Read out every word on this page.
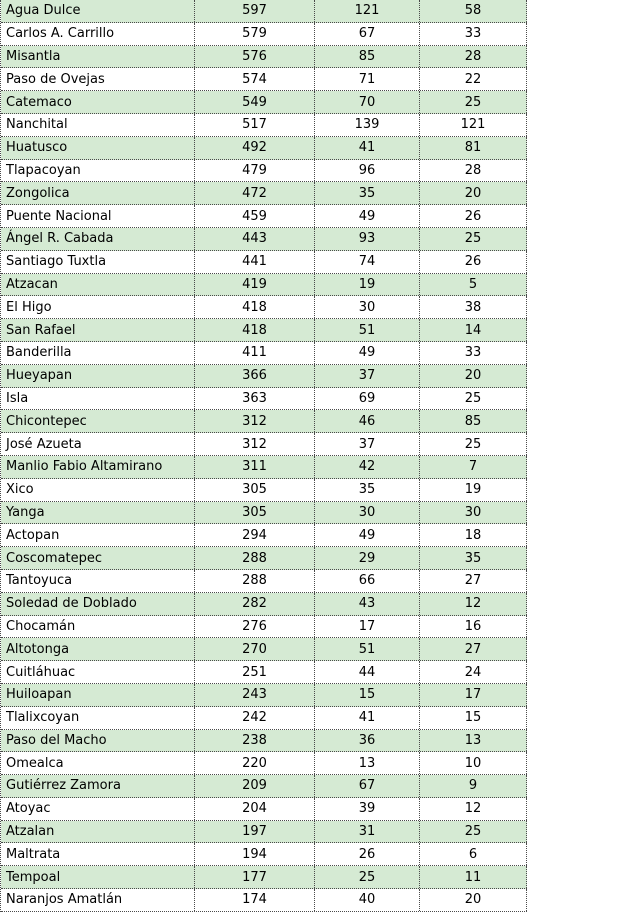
Agua Dulce	597	121	58
Carlos A. Carrillo	579	67	33
Misantla	576	85	28
Paso de Ovejas	574	71	22
Catemaco	549	70	25
Nanchital	517	139	121
Huatusco	492	41	81
Tlapacoyan	479	96	28
Zongolica	472	35	20
Puente Nacional	459	49	26
Ángel R. Cabada	443	93	25
Santiago Tuxtla	441	74	26
Atzacan	419	19	5
El Higo	418	30	38
San Rafael	418	51	14
Banderilla	411	49	33
Hueyapan	366	37	20
Isla	363	69	25
Chicontepec	312	46	85
José Azueta	312	37	25
Manlio Fabio Altamirano	311	42	7
Xico	305	35	19
Yanga	305	30	30
Actopan	294	49	18
Coscomatepec	288	29	35
Tantoyuca	288	66	27
Soledad de Doblado	282	43	12
Chocamán	276	17	16
Altotonga	270	51	27
Cuitláhuac	251	44	24
Huiloapan	243	15	17
Tlalixcoyan	242	41	15
Paso del Macho	238	36	13
Omealca	220	13	10
Gutiérrez Zamora	209	67	9
Atoyac	204	39	12
Atzalan	197	31	25
Maltrata	194	26	6
Tempoal	177	25	11
Naranjos Amatlán	174	40	20
